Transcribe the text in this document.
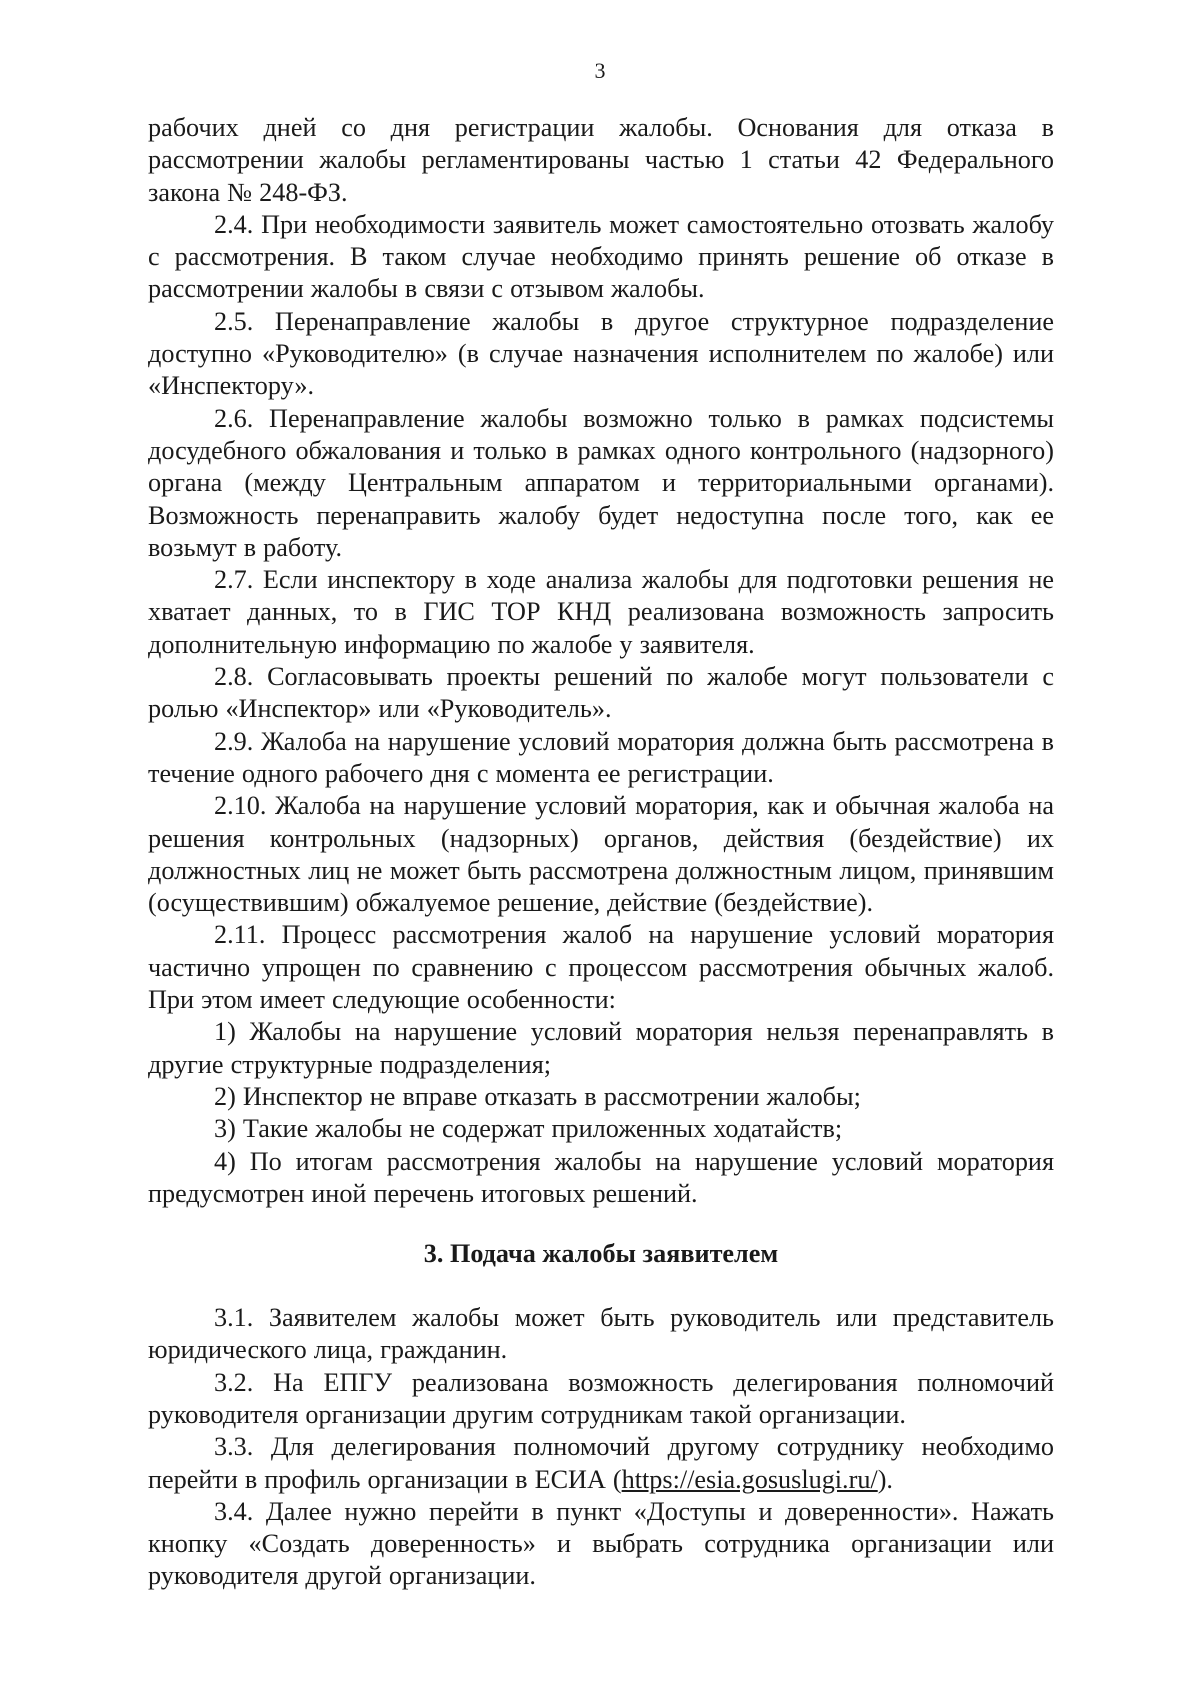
3

рабочих дней со дня регистрации жалобы. Основания для отказа в рассмотрении жалобы регламентированы частью 1 статьи 42 Федерального закона № 248-ФЗ.

2.4. При необходимости заявитель может самостоятельно отозвать жалобу с рассмотрения. В таком случае необходимо принять решение об отказе в рассмотрении жалобы в связи с отзывом жалобы.

2.5. Перенаправление жалобы в другое структурное подразделение доступно «Руководителю» (в случае назначения исполнителем по жалобе) или «Инспектору».

2.6. Перенаправление жалобы возможно только в рамках подсистемы досудебного обжалования и только в рамках одного контрольного (надзорного) органа (между Центральным аппаратом и территориальными органами). Возможность перенаправить жалобу будет недоступна после того, как ее возьмут в работу.

2.7. Если инспектору в ходе анализа жалобы для подготовки решения не хватает данных, то в ГИС ТОР КНД реализована возможность запросить дополнительную информацию по жалобе у заявителя.

2.8. Согласовывать проекты решений по жалобе могут пользователи с ролью «Инспектор» или «Руководитель».

2.9. Жалоба на нарушение условий моратория должна быть рассмотрена в течение одного рабочего дня с момента ее регистрации.

2.10. Жалоба на нарушение условий моратория, как и обычная жалоба на решения контрольных (надзорных) органов, действия (бездействие) их должностных лиц не может быть рассмотрена должностным лицом, принявшим (осуществившим) обжалуемое решение, действие (бездействие).

2.11. Процесс рассмотрения жалоб на нарушение условий моратория частично упрощен по сравнению с процессом рассмотрения обычных жалоб. При этом имеет следующие особенности:

1) Жалобы на нарушение условий моратория нельзя перенаправлять в другие структурные подразделения;

2) Инспектор не вправе отказать в рассмотрении жалобы;

3) Такие жалобы не содержат приложенных ходатайств;

4) По итогам рассмотрения жалобы на нарушение условий моратория предусмотрен иной перечень итоговых решений.

3. Подача жалобы заявителем

3.1. Заявителем жалобы может быть руководитель или представитель юридического лица, гражданин.

3.2. На ЕПГУ реализована возможность делегирования полномочий руководителя организации другим сотрудникам такой организации.

3.3. Для делегирования полномочий другому сотруднику необходимо перейти в профиль организации в ЕСИА (https://esia.gosuslugi.ru/).

3.4. Далее нужно перейти в пункт «Доступы и доверенности». Нажать кнопку «Создать доверенность» и выбрать сотрудника организации или руководителя другой организации.
